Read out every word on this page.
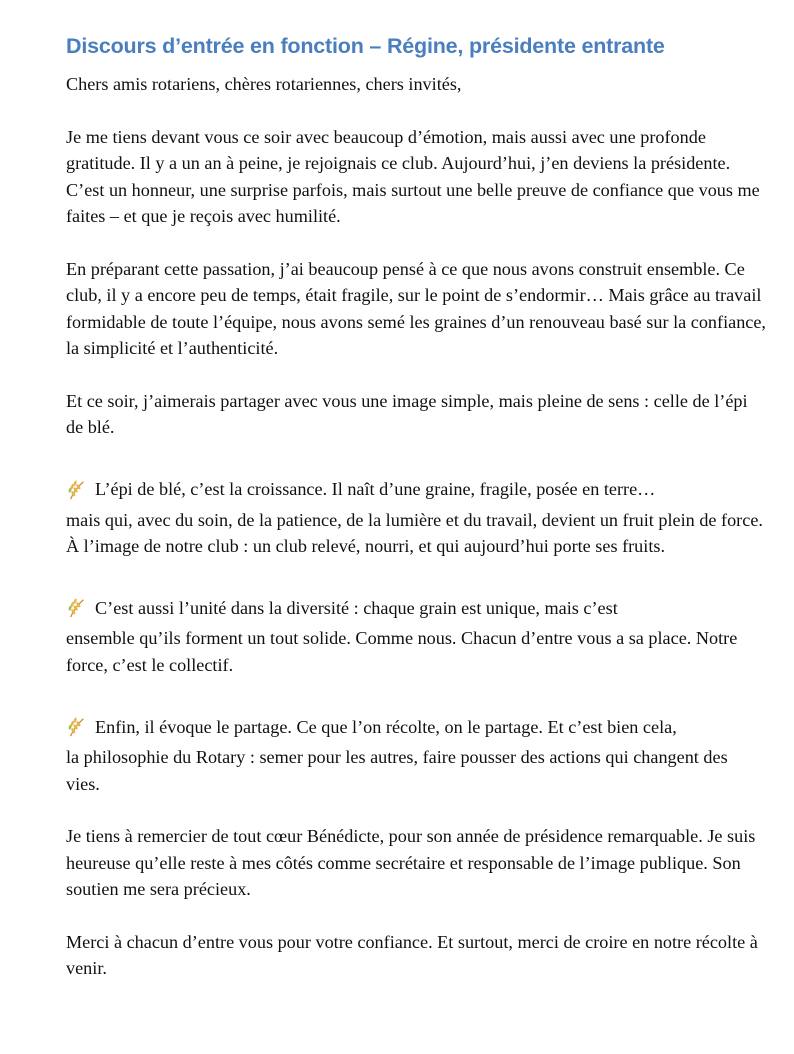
Discours d’entrée en fonction – Régine, présidente entrante

Chers amis rotariens, chères rotariennes, chers invités,

Je me tiens devant vous ce soir avec beaucoup d’émotion, mais aussi avec une profonde gratitude. Il y a un an à peine, je rejoignais ce club. Aujourd’hui, j’en deviens la présidente. C’est un honneur, une surprise parfois, mais surtout une belle preuve de confiance que vous me faites – et que je reçois avec humilité.

En préparant cette passation, j’ai beaucoup pensé à ce que nous avons construit ensemble. Ce club, il y a encore peu de temps, était fragile, sur le point de s’endormir… Mais grâce au travail formidable de toute l’équipe, nous avons semé les graines d’un renouveau basé sur la confiance, la simplicité et l’authenticité.

Et ce soir, j’aimerais partager avec vous une image simple, mais pleine de sens : celle de l’épi de blé.

L’épi de blé, c’est la croissance. Il naît d’une graine, fragile, posée en terre…

mais qui, avec du soin, de la patience, de la lumière et du travail, devient un fruit plein de force. À l’image de notre club : un club relevé, nourri, et qui aujourd’hui porte ses fruits.

C’est aussi l’unité dans la diversité : chaque grain est unique, mais c’est

ensemble qu’ils forment un tout solide. Comme nous. Chacun d’entre vous a sa place. Notre force, c’est le collectif.

Enfin, il évoque le partage. Ce que l’on récolte, on le partage. Et c’est bien cela,

la philosophie du Rotary : semer pour les autres, faire pousser des actions qui changent des vies.

Je tiens à remercier de tout cœur Bénédicte, pour son année de présidence remarquable. Je suis heureuse qu’elle reste à mes côtés comme secrétaire et responsable de l’image publique. Son soutien me sera précieux.

Merci à chacun d’entre vous pour votre confiance. Et surtout, merci de croire en notre récolte à venir.
